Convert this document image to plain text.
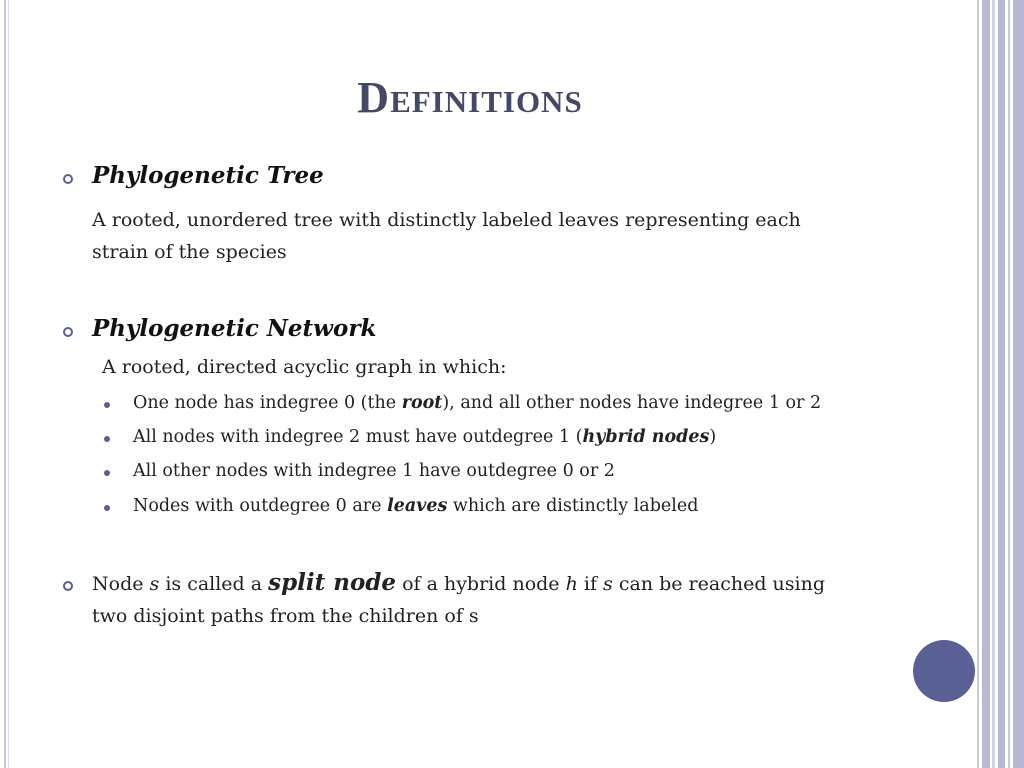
Definitions
Phylogenetic Tree
A rooted, unordered tree with distinctly labeled leaves representing each
strain of the species
Phylogenetic Network
A rooted, directed acyclic graph in which:
One node has indegree 0 (the root), and all other nodes have indegree 1 or 2
All nodes with indegree 2 must have outdegree 1 (hybrid nodes)
All other nodes with indegree 1 have outdegree 0 or 2
Nodes with outdegree 0 are leaves which are distinctly labeled
Node s is called a split node of a hybrid node h if s can be reached using
two disjoint paths from the children of s
